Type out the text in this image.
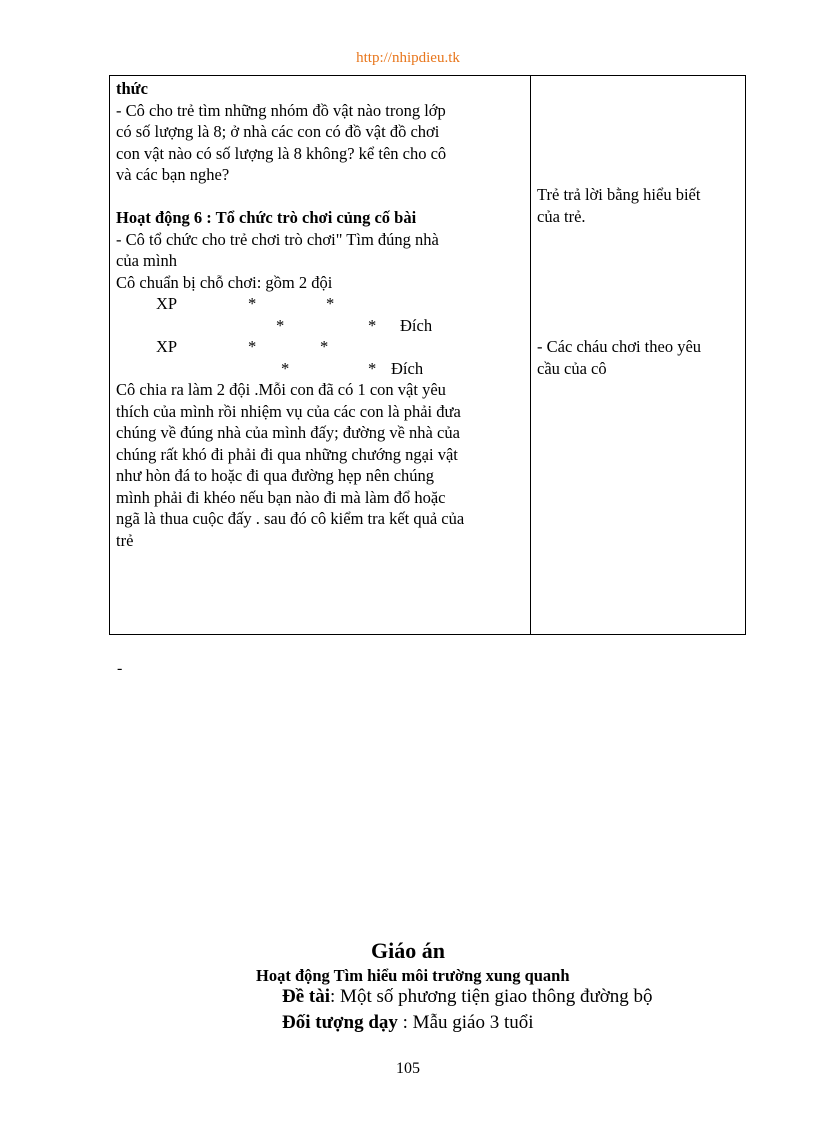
http://nhipdieu.tk
thức
- Cô cho trẻ tìm những nhóm đồ vật nào trong lớp
có số lượng là 8; ở nhà các con có đồ vật đồ chơi
con vật nào có số lượng là 8 không? kể tên cho cô
và các bạn nghe?
Hoạt động 6 : Tổ chức trò chơi củng cố bài
- Cô tổ chức cho trẻ chơi trò chơi" Tìm đúng nhà
của mình
Cô chuẩn bị chỗ chơi: gồm 2 đội
XP	*	*
*	* Đích
XP	*	*
*	* Đích
Cô chia ra làm 2 đội .Mỗi con đã có 1 con vật yêu
thích của mình rồi nhiệm vụ của các con là phải đưa
chúng về đúng nhà của mình đấy; đường về nhà của
chúng rất khó đi phải đi qua những chướng ngại vật
như hòn đá to hoặc đi qua đường hẹp nên chúng
mình phải đi khéo nếu bạn nào đi mà làm đổ hoặc
ngã là thua cuộc đấy . sau đó cô kiểm tra kết quả của
trẻ
Trẻ trả lời bằng hiểu biết
của trẻ.
- Các cháu chơi theo yêu
cầu của cô
-
Giáo án
Hoạt động Tìm hiểu môi trường xung quanh
Đề tài: Một số phương tiện giao thông đường bộ
Đối tượng dạy : Mẫu giáo 3 tuổi
105
